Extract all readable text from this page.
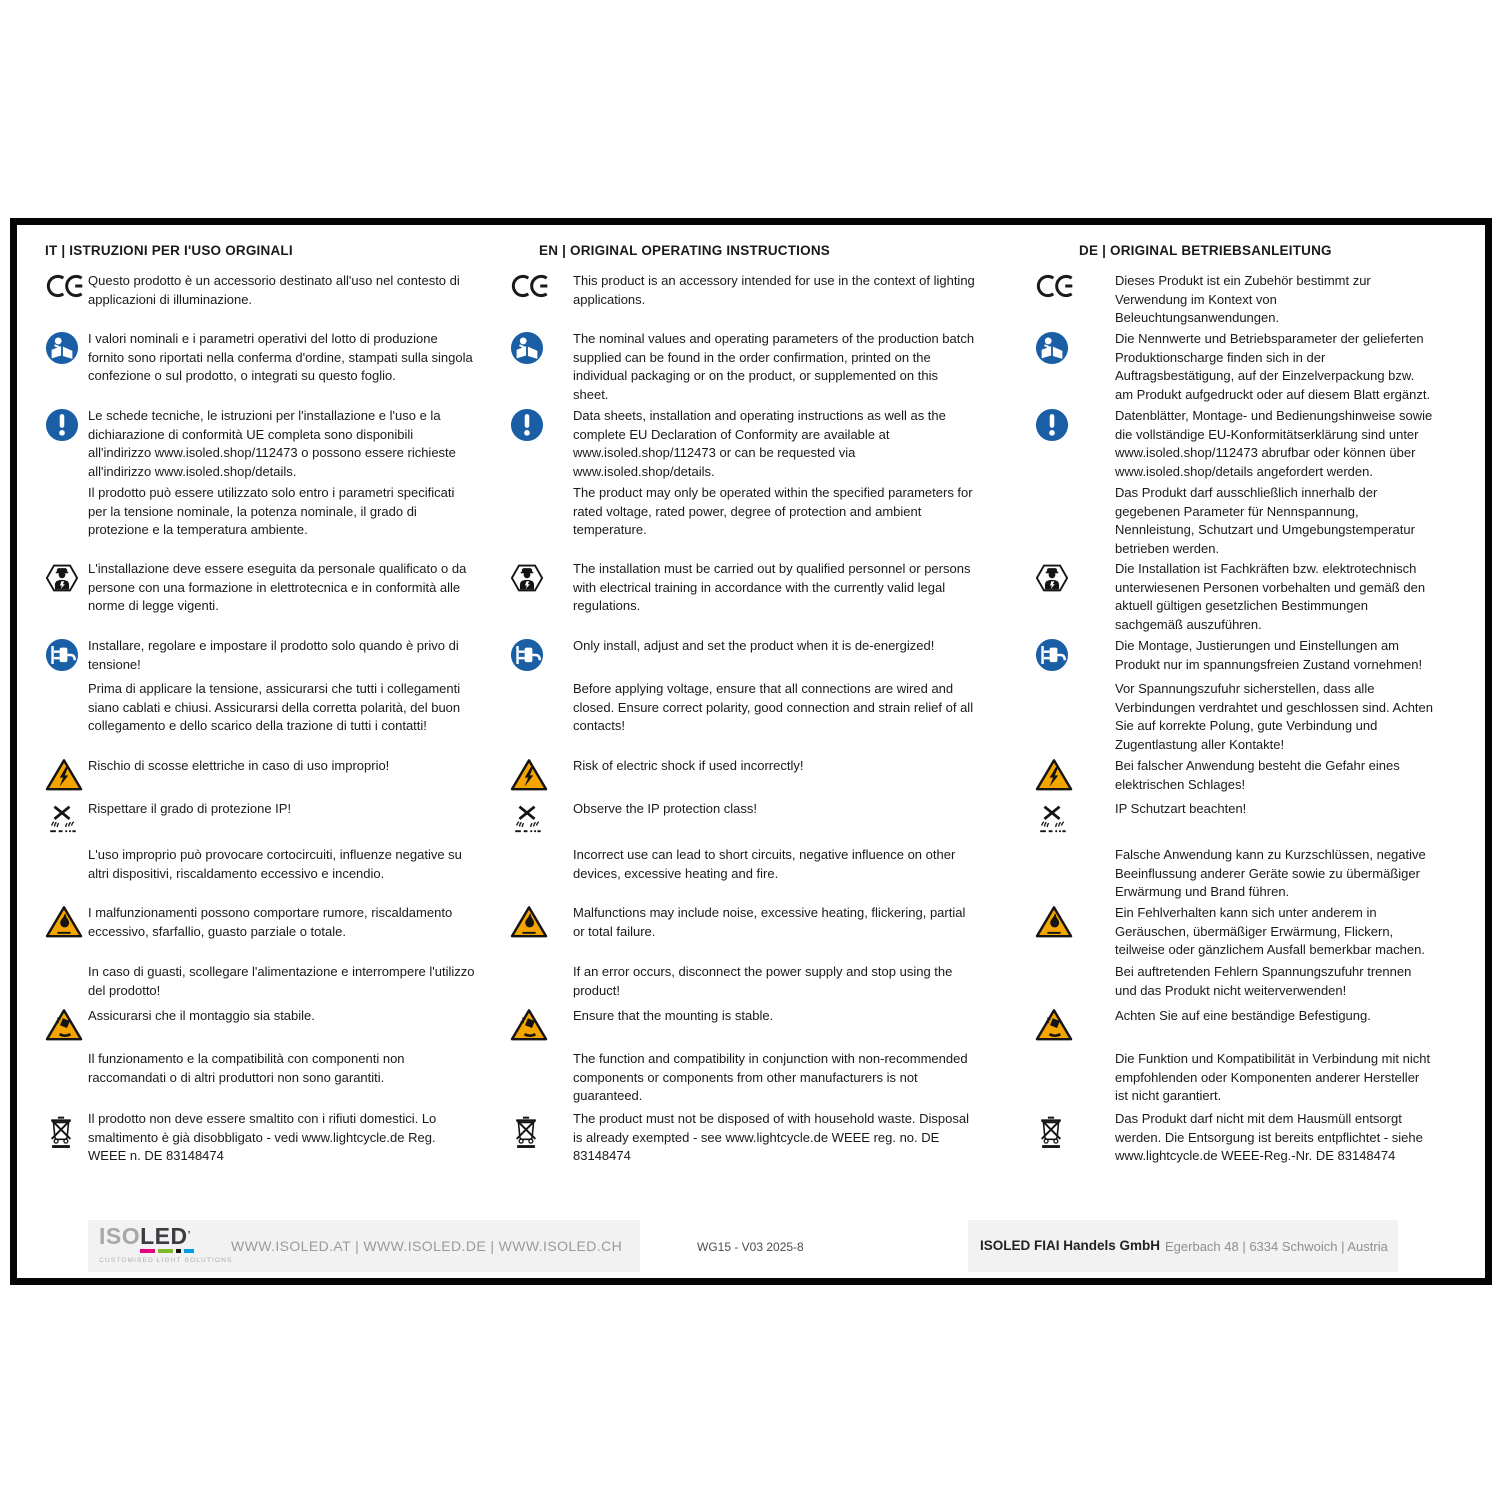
IT | ISTRUZIONI PER I'USO ORGINALI
Questo prodotto è un accessorio destinato all'uso nel contesto di applicazioni di illuminazione.
I valori nominali e i parametri operativi del lotto di produzione fornito sono riportati nella conferma d'ordine, stampati sulla singola confezione o sul prodotto, o integrati su questo foglio.
Le schede tecniche, le istruzioni per l'installazione e l'uso e la dichiarazione di conformità UE completa sono disponibili all'indirizzo www.isoled.shop/112473 o possono essere richieste all'indirizzo www.isoled.shop/details.
Il prodotto può essere utilizzato solo entro i parametri specificati per la tensione nominale, la potenza nominale, il grado di protezione e la temperatura ambiente.
L'installazione deve essere eseguita da personale qualificato o da persone con una formazione in elettrotecnica e in conformità alle norme di legge vigenti.
Installare, regolare e impostare il prodotto solo quando è privo di tensione!
Prima di applicare la tensione, assicurarsi che tutti i collegamenti siano cablati e chiusi. Assicurarsi della corretta polarità, del buon collegamento e dello scarico della trazione di tutti i contatti!
Rischio di scosse elettriche in caso di uso improprio!
Rispettare il grado di protezione IP!
L'uso improprio può provocare cortocircuiti, influenze negative su altri dispositivi, riscaldamento eccessivo e incendio.
I malfunzionamenti possono comportare rumore, riscaldamento eccessivo, sfarfallio, guasto parziale o totale.
In caso di guasti, scollegare l'alimentazione e interrompere l'utilizzo del prodotto!
Assicurarsi che il montaggio sia stabile.
Il funzionamento e la compatibilità con componenti non raccomandati o di altri produttori non sono garantiti.
Il prodotto non deve essere smaltito con i rifiuti domestici. Lo smaltimento è già disobbligato - vedi www.lightcycle.de Reg. WEEE n. DE 83148474
EN | ORIGINAL OPERATING INSTRUCTIONS
This product is an accessory intended for use in the context of lighting applications.
The nominal values and operating parameters of the production batch supplied can be found in the order confirmation, printed on the individual packaging or on the product, or supplemented on this sheet.
Data sheets, installation and operating instructions as well as the complete EU Declaration of Conformity are available at www.isoled.shop/112473 or can be requested via www.isoled.shop/details.
The product may only be operated within the specified parameters for rated voltage, rated power, degree of protection and ambient temperature.
The installation must be carried out by qualified personnel or persons with electrical training in accordance with the currently valid legal regulations.
Only install, adjust and set the product when it is de-energized!
Before applying voltage, ensure that all connections are wired and closed. Ensure correct polarity, good connection and strain relief of all contacts!
Risk of electric shock if used incorrectly!
Observe the IP protection class!
Incorrect use can lead to short circuits, negative influence on other devices, excessive heating and fire.
Malfunctions may include noise, excessive heating, flickering, partial or total failure.
If an error occurs, disconnect the power supply and stop using the product!
Ensure that the mounting is stable.
The function and compatibility in conjunction with non-recommended components or components from other manufacturers is not guaranteed.
The product must not be disposed of with household waste. Disposal is already exempted - see www.lightcycle.de WEEE reg. no. DE 83148474
DE | ORIGINAL BETRIEBSANLEITUNG
Dieses Produkt ist ein Zubehör bestimmt zur Verwendung im Kontext von Beleuchtungsanwendungen.
Die Nennwerte und Betriebsparameter der gelieferten Produktionscharge finden sich in der Auftragsbestätigung, auf der Einzelverpackung bzw. am Produkt aufgedruckt oder auf diesem Blatt ergänzt.
Datenblätter, Montage- und Bedienungshinweise sowie die vollständige EU-Konformitätserklärung sind unter www.isoled.shop/112473 abrufbar oder können über www.isoled.shop/details angefordert werden.
Das Produkt darf ausschließlich innerhalb der gegebenen Parameter für Nennspannung, Nennleistung, Schutzart und Umgebungstemperatur betrieben werden.
Die Installation ist Fachkräften bzw. elektrotechnisch unterwiesenen Personen vorbehalten und gemäß den aktuell gültigen gesetzlichen Bestimmungen sachgemäß auszuführen.
Die Montage, Justierungen und Einstellungen am Produkt nur im spannungsfreien Zustand vornehmen!
Vor Spannungszufuhr sicherstellen, dass alle Verbindungen verdrahtet und geschlossen sind. Achten Sie auf korrekte Polung, gute Verbindung und Zugentlastung aller Kontakte!
Bei falscher Anwendung besteht die Gefahr eines elektrischen Schlages!
IP Schutzart beachten!
Falsche Anwendung kann zu Kurzschlüssen, negative Beeinflussung anderer Geräte sowie zu übermäßiger Erwärmung und Brand führen.
Ein Fehlverhalten kann sich unter anderem in Geräuschen, übermäßiger Erwärmung, Flickern, teilweise oder gänzlichem Ausfall bemerkbar machen.
Bei auftretenden Fehlern Spannungszufuhr trennen und das Produkt nicht weiterverwenden!
Achten Sie auf eine beständige Befestigung.
Die Funktion und Kompatibilität in Verbindung mit nicht empfohlenden oder Komponenten anderer Hersteller ist nicht garantiert.
Das Produkt darf nicht mit dem Hausmüll entsorgt werden. Die Entsorgung ist bereits entpflichtet - siehe www.lightcycle.de WEEE-Reg.-Nr. DE 83148474
ISOLED’
CUSTOMISED LIGHT SOLUTIONS
WWW.ISOLED.AT | WWW.ISOLED.DE | WWW.ISOLED.CH	WG15 - V03 2025-8	ISOLED FIAI Handels GmbH Egerbach 48 | 6334 Schwoich | Austria
